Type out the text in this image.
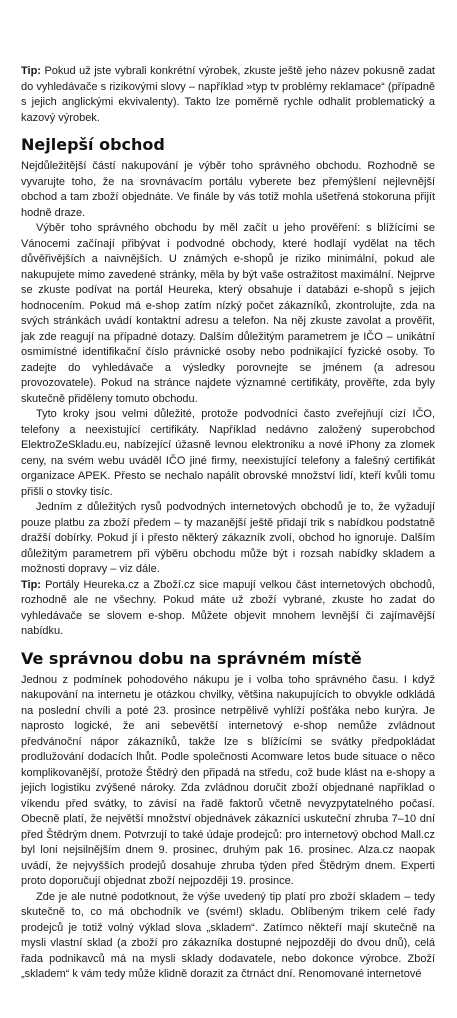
Tip: Pokud už jste vybrali konkrétní výrobek, zkuste ještě jeho název pokusně zadat do vyhledávače s rizikovými slovy – například »typ tv problémy reklamace“ (případně s jejich anglickými ekvivalenty). Takto lze poměrně rychle odhalit problematický a kazový výrobek.

Nejlepší obchod

Nejdůležitější částí nakupování je výběr toho správného obchodu. Rozhodně se vyvarujte toho, že na srovnávacím portálu vyberete bez přemýšlení nejlevnější obchod a tam zboží objednáte. Ve finále by vás totiž mohla ušetřená stokoruna přijít hodně draze.

Výběr toho správného obchodu by měl začít u jeho prověření: s blížícími se Vánocemi začínají přibývat i podvodné obchody, které hodlají vydělat na těch důvěřivějších a naivnějších. U známých e-shopů je riziko minimální, pokud ale nakupujete mimo zavedené stránky, měla by být vaše ostražitost maximální. Nejprve se zkuste podívat na portál Heureka, který obsahuje i databázi e-shopů s jejich hodnocením. Pokud má e-shop zatím nízký počet zákazníků, zkontrolujte, zda na svých stránkách uvádí kontaktní adresu a telefon. Na něj zkuste zavolat a prověřit, jak zde reagují na případné dotazy. Dalším důležitým parametrem je IČO – unikátní osmimístné identifikační číslo právnické osoby nebo podnikající fyzické osoby. To zadejte do vyhledávače a výsledky porovnejte se jménem (a adresou provozovatele). Pokud na stránce najdete významné certifikáty, prověřte, zda byly skutečně přiděleny tomuto obchodu.

Tyto kroky jsou velmi důležité, protože podvodníci často zveřejňují cizí IČO, telefony a neexistující certifikáty. Například nedávno založený superobchod ElektroZeSkladu.eu, nabízející úžasně levnou elektroniku a nové iPhony za zlomek ceny, na svém webu uváděl IČO jiné firmy, neexistující telefony a falešný certifikát organizace APEK. Přesto se nechalo napálit obrovské množství lidí, kteří kvůli tomu přišli o stovky tisíc.

Jedním z důležitých rysů podvodných internetových obchodů je to, že vyžadují pouze platbu za zboží předem – ty mazanější ještě přidají trik s nabídkou podstatně dražší dobírky. Pokud jí i přesto některý zákazník zvolí, obchod ho ignoruje. Dalším důležitým parametrem při výběru obchodu může být i rozsah nabídky skladem a možnosti dopravy – viz dále.

Tip: Portály Heureka.cz a Zboží.cz sice mapují velkou část internetových obchodů, rozhodně ale ne všechny. Pokud máte už zboží vybrané, zkuste ho zadat do vyhledávače se slovem e-shop. Můžete objevit mnohem levnější či zajímavější nabídku.

Ve správnou dobu na správném místě

Jednou z podmínek pohodového nákupu je i volba toho správného času. I když nakupování na internetu je otázkou chvilky, většina nakupujících to obvykle odkládá na poslední chvíli a poté 23. prosince netrpělivě vyhlíží pošťáka nebo kurýra. Je naprosto logické, že ani sebevětší internetový e-shop nemůže zvládnout předvánoční nápor zákazníků, takže lze s blížícími se svátky předpokládat prodlužování dodacích lhůt. Podle společnosti Acomware letos bude situace o něco komplikovanější, protože Štědrý den připadá na středu, což bude klást na e-shopy a jejich logistiku zvýšené nároky. Zda zvládnou doručit zboží objednané například o víkendu před svátky, to závisí na řadě faktorů včetně nevyzpytatelného počasí. Obecně platí, že největší množství objednávek zákazníci uskuteční zhruba 7–10 dní před Štědrým dnem. Potvrzují to také údaje prodejců: pro internetový obchod Mall.cz byl loni nejsilnějším dnem 9. prosinec, druhým pak 16. prosinec. Alza.cz naopak uvádí, že nejvyšších prodejů dosahuje zhruba týden před Štědrým dnem. Experti proto doporučují objednat zboží nejpozději 19. prosince.

Zde je ale nutné podotknout, že výše uvedený tip platí pro zboží skladem – tedy skutečně to, co má obchodník ve (svém!) skladu. Oblíbeným trikem celé řady prodejců je totiž volný výklad slova „skladem“. Zatímco někteří mají skutečně na mysli vlastní sklad (a zboží pro zákazníka dostupné nejpozději do dvou dnů), celá řada podnikavců má na mysli sklady dodavatele, nebo dokonce výrobce. Zboží „skladem“ k vám tedy může klidně dorazit za čtrnáct dní. Renomované internetové
